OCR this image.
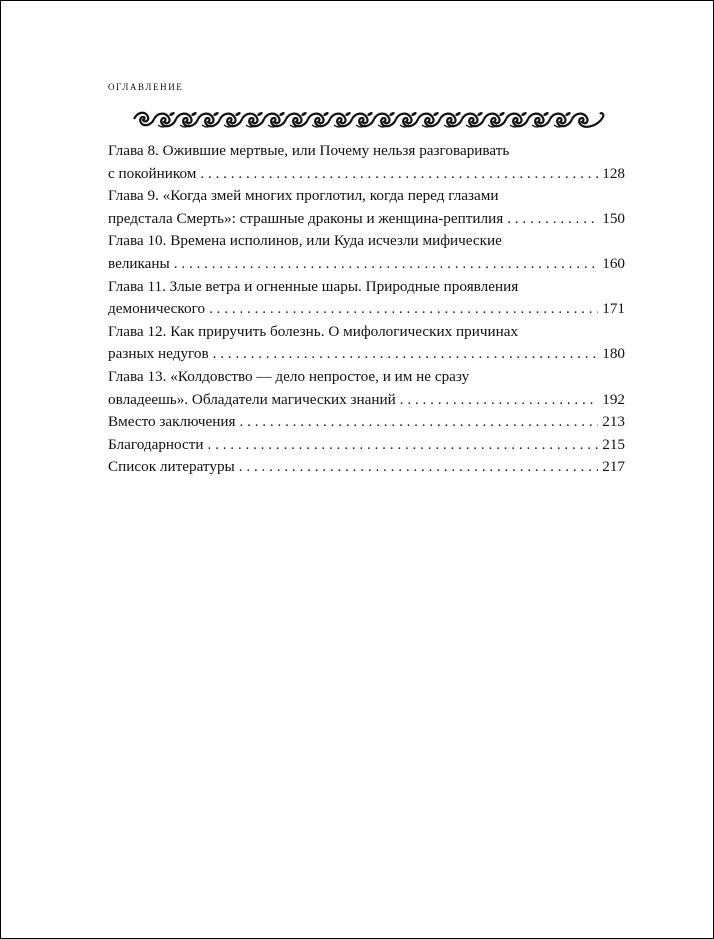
оглавление
Глава 8. Ожившие мертвые, или Почему нельзя разговаривать
с покойником . . .	128
Глава 9. «Когда змей многих проглотил, когда перед глазами
предстала Смерть»: страшные драконы и женщина-рептилия . . .	150
Глава 10. Времена исполинов, или Куда исчезли мифические
великаны . . .	160
Глава 11. Злые ветра и огненные шары. Природные проявления
демонического . . .	171
Глава 12. Как приручить болезнь. О мифологических причинах
разных недугов . . .	180
Глава 13. «Колдовство — дело непростое, и им не сразу
овладеешь». Обладатели магических знаний . . .	192
Вместо заключения . . .	213
Благодарности . . .	215
Список литературы . . .	217
